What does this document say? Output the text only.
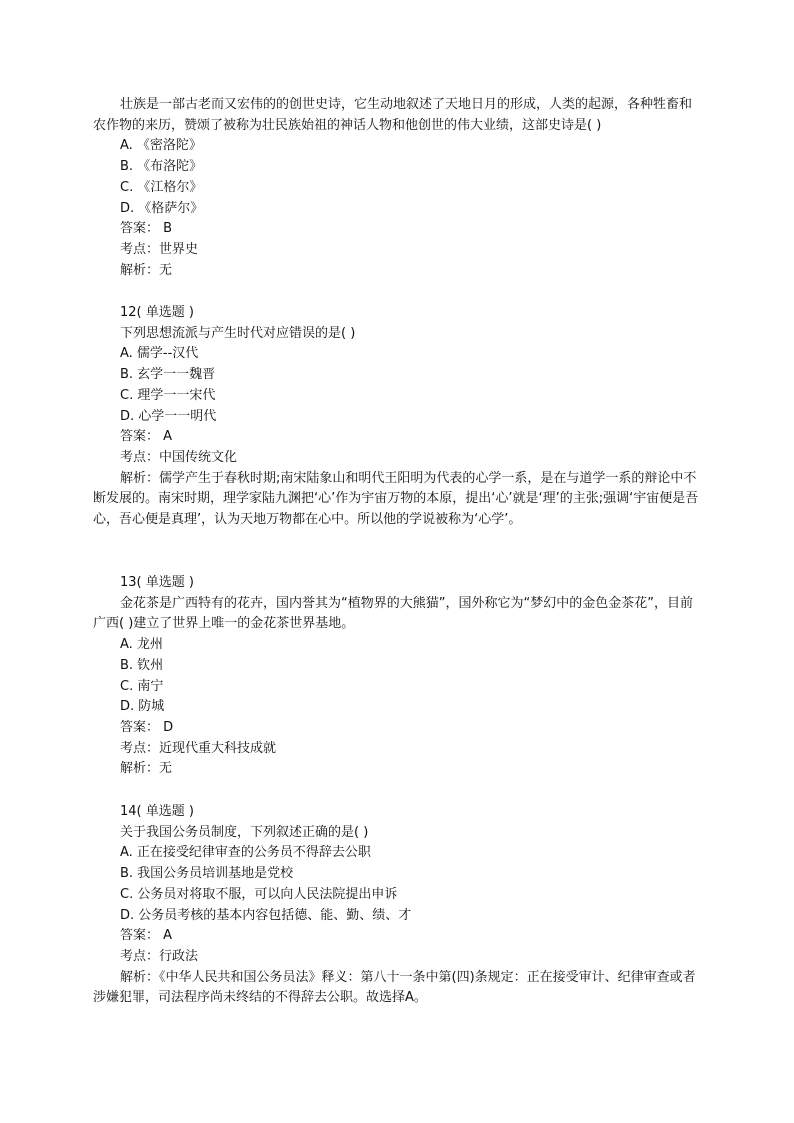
壮族是一部古老而又宏伟的的创世史诗，它生动地叙述了天地日月的形成，人类的起源，各种牲畜和农作物的来历，赞颂了被称为壮民族始祖的神话人物和他创世的伟大业绩，这部史诗是( )
A. 《密洛陀》
B. 《布洛陀》
C. 《江格尔》
D. 《格萨尔》
答案： B
考点：世界史
解析：无
12( 单选题 )
下列思想流派与产生时代对应错误的是( )
A. 儒学--汉代
B. 玄学一一魏晋
C. 理学一一宋代
D. 心学一一明代
答案： A
考点：中国传统文化
解析：儒学产生于春秋时期;南宋陆象山和明代王阳明为代表的心学一系，是在与道学一系的辩论中不断发展的。南宋时期，理学家陆九渊把‘心’作为宇宙万物的本原，提出‘心’就是‘理’的主张;强调‘宇宙便是吾心，吾心便是真理’，认为天地万物都在心中。所以他的学说被称为‘心学’。
13( 单选题 )
金花茶是广西特有的花卉，国内誉其为“植物界的大熊猫”，国外称它为“梦幻中的金色金茶花”，目前广西( )建立了世界上唯一的金花茶世界基地。
A. 龙州
B. 钦州
C. 南宁
D. 防城
答案： D
考点：近现代重大科技成就
解析：无
14( 单选题 )
关于我国公务员制度，下列叙述正确的是( )
A. 正在接受纪律审查的公务员不得辞去公职
B. 我国公务员培训基地是党校
C. 公务员对将取不服，可以向人民法院提出申诉
D. 公务员考核的基本内容包括德、能、勤、绩、才
答案： A
考点：行政法
解析：《中华人民共和国公务员法》释义：第八十一条中第(四)条规定：正在接受审计、纪律审查或者涉嫌犯罪，司法程序尚未终结的不得辞去公职。故选择A。
